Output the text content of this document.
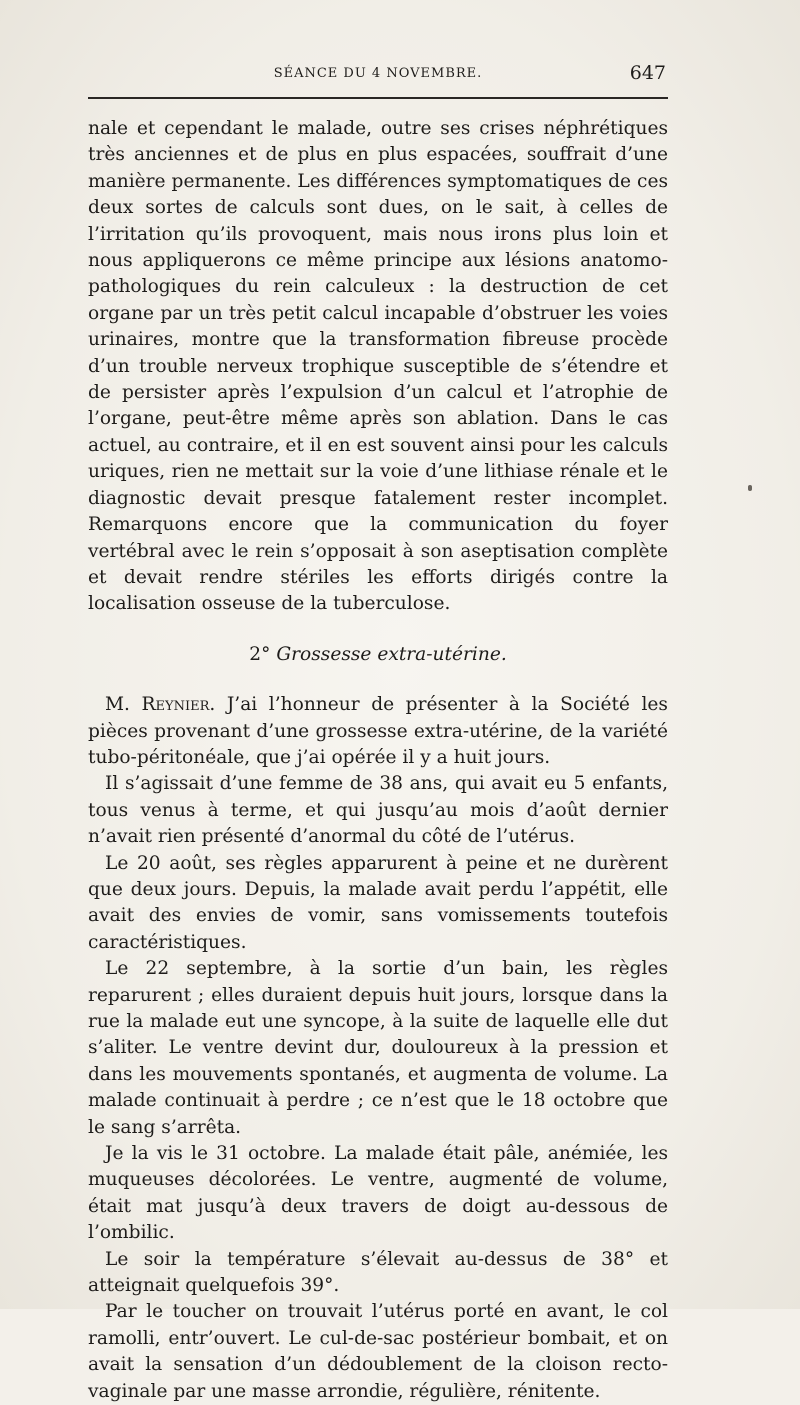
SÉANCE DU 4 NOVEMBRE.	647

nale et cependant le malade, outre ses crises néphrétiques très anciennes et de plus en plus espacées, souffrait d’une manière permanente. Les différences symptomatiques de ces deux sortes de calculs sont dues, on le sait, à celles de l’irritation qu’ils provoquent, mais nous irons plus loin et nous appliquerons ce même principe aux lésions anatomo-pathologiques du rein calculeux : la destruction de cet organe par un très petit calcul incapable d’obstruer les voies urinaires, montre que la transformation fibreuse procède d’un trouble nerveux trophique susceptible de s’étendre et de persister après l’expulsion d’un calcul et l’atrophie de l’organe, peut-être même après son ablation. Dans le cas actuel, au contraire, et il en est souvent ainsi pour les calculs uriques, rien ne mettait sur la voie d’une lithiase rénale et le diagnostic devait presque fatalement rester incomplet. Remarquons encore que la communication du foyer vertébral avec le rein s’opposait à son aseptisation complète et devait rendre stériles les efforts dirigés contre la localisation osseuse de la tuberculose.

2° Grossesse extra-utérine.

M. Reynier. J’ai l’honneur de présenter à la Société les pièces provenant d’une grossesse extra-utérine, de la variété tubo-péritonéale, que j’ai opérée il y a huit jours.

Il s’agissait d’une femme de 38 ans, qui avait eu 5 enfants, tous venus à terme, et qui jusqu’au mois d’août dernier n’avait rien présenté d’anormal du côté de l’utérus.

Le 20 août, ses règles apparurent à peine et ne durèrent que deux jours. Depuis, la malade avait perdu l’appétit, elle avait des envies de vomir, sans vomissements toutefois caractéristiques.

Le 22 septembre, à la sortie d’un bain, les règles reparurent ; elles duraient depuis huit jours, lorsque dans la rue la malade eut une syncope, à la suite de laquelle elle dut s’aliter. Le ventre devint dur, douloureux à la pression et dans les mouvements spontanés, et augmenta de volume. La malade continuait à perdre ; ce n’est que le 18 octobre que le sang s’arrêta.

Je la vis le 31 octobre. La malade était pâle, anémiée, les muqueuses décolorées. Le ventre, augmenté de volume, était mat jusqu’à deux travers de doigt au-dessous de l’ombilic.

Le soir la température s’élevait au-dessus de 38° et atteignait quelquefois 39°.

Par le toucher on trouvait l’utérus porté en avant, le col ramolli, entr’ouvert. Le cul-de-sac postérieur bombait, et on avait la sensation d’un dédoublement de la cloison recto-vaginale par une masse arrondie, régulière, rénitente.
